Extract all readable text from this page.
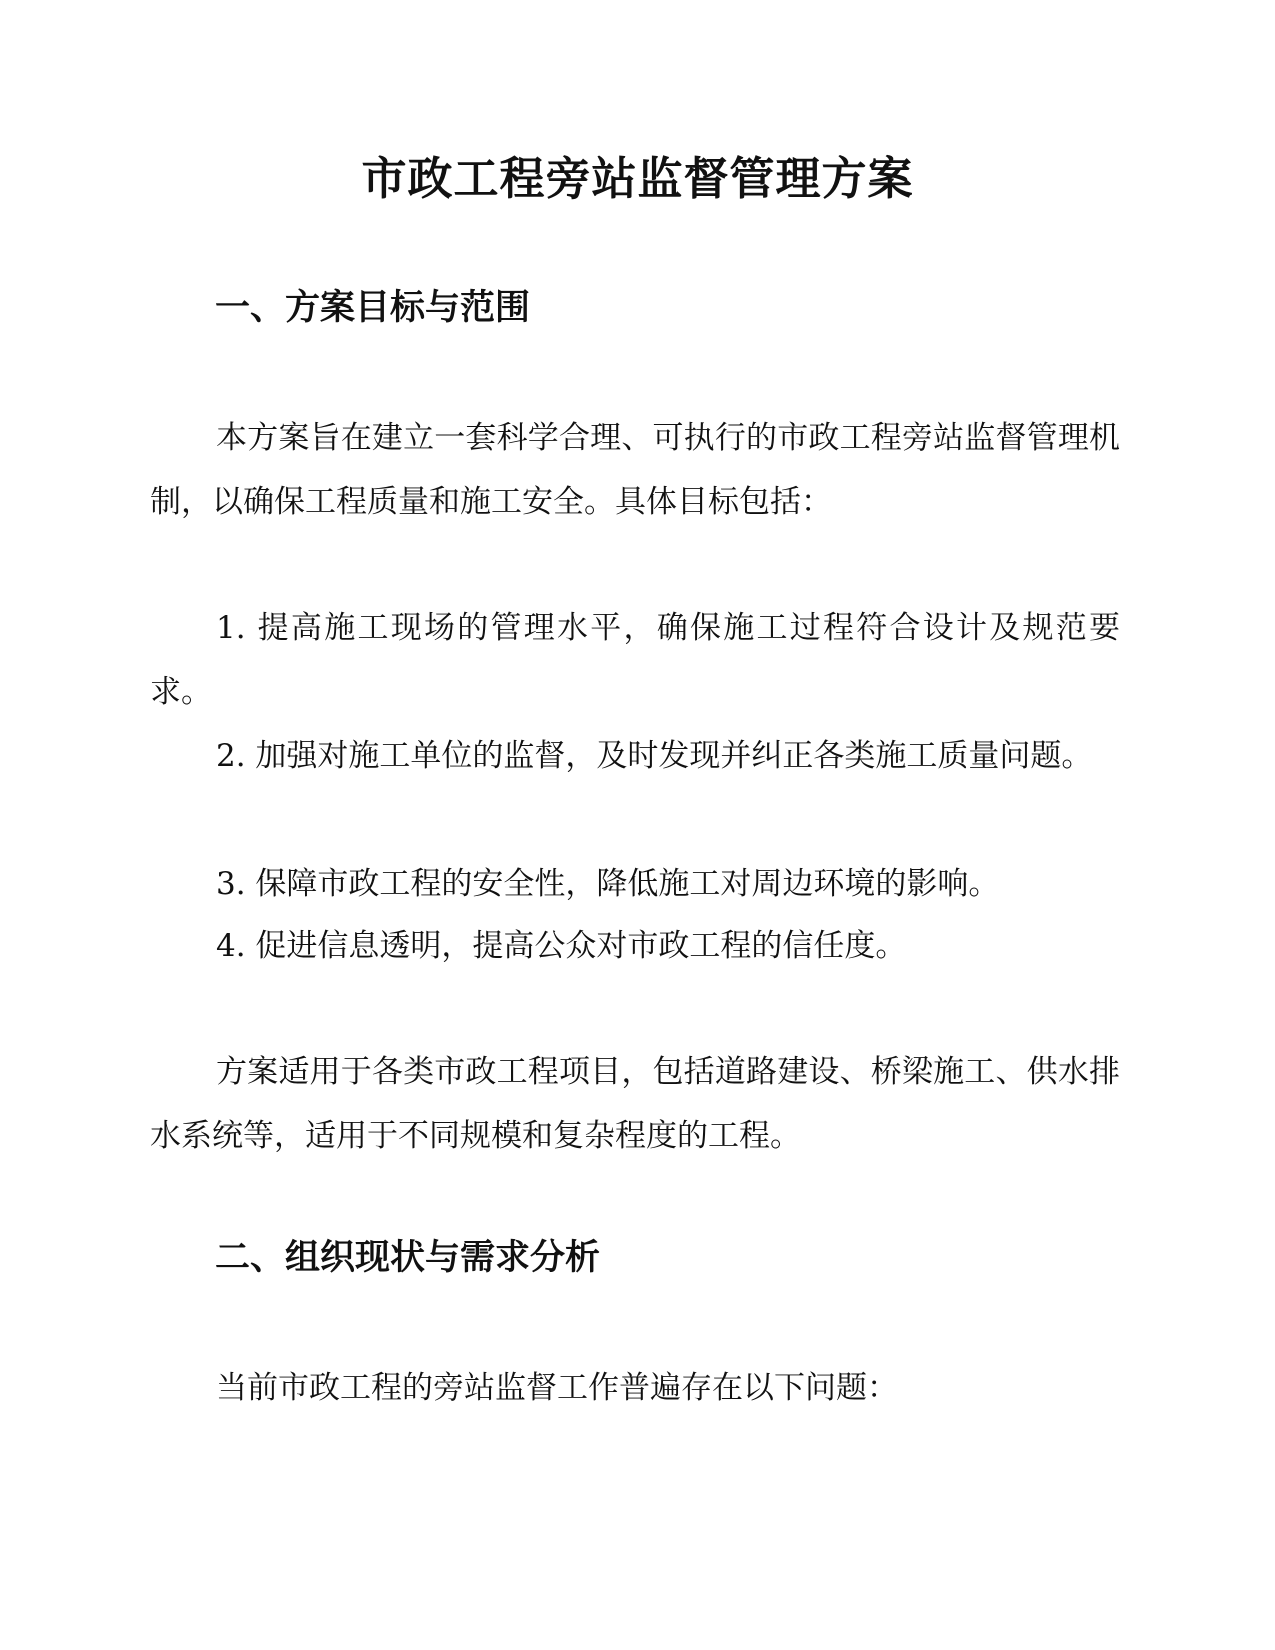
市政工程旁站监督管理方案
一、方案目标与范围

本方案旨在建立一套科学合理、可执行的市政工程旁站监督管理机制，以确保工程质量和施工安全。具体目标包括：

1. 提高施工现场的管理水平，确保施工过程符合设计及规范要求。

2. 加强对施工单位的监督，及时发现并纠正各类施工质量问题。

3. 保障市政工程的安全性，降低施工对周边环境的影响。

4. 促进信息透明，提高公众对市政工程的信任度。

方案适用于各类市政工程项目，包括道路建设、桥梁施工、供水排水系统等，适用于不同规模和复杂程度的工程。

二、组织现状与需求分析

当前市政工程的旁站监督工作普遍存在以下问题：
